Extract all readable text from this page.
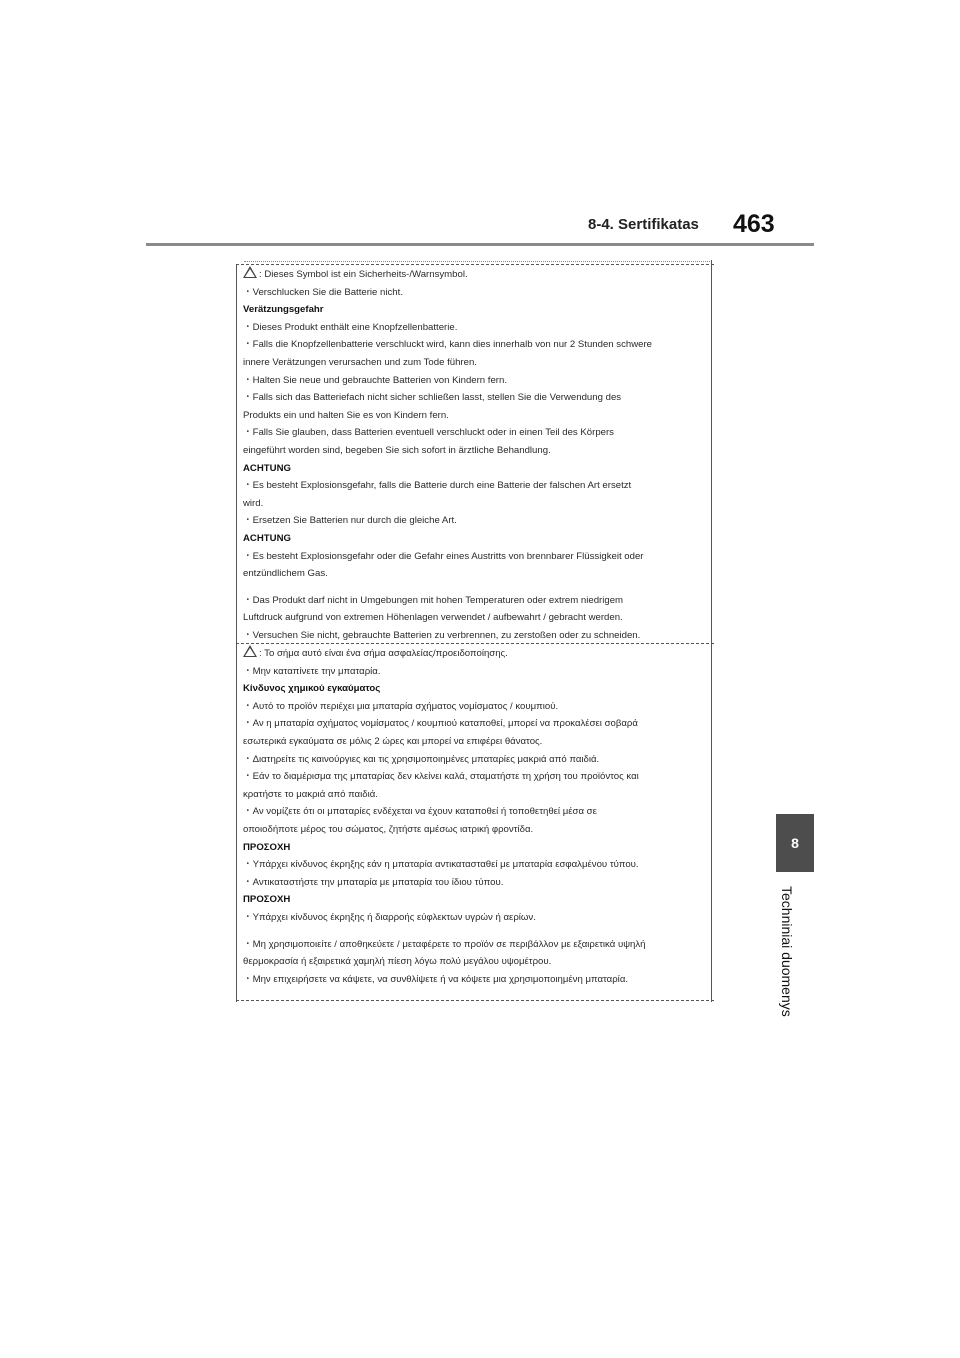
8-4. Sertifikatas 463
8
Techniniai duomenys
: Dieses Symbol ist ein Sicherheits-/Warnsymbol.
・Verschlucken Sie die Batterie nicht.
Verätzungsgefahr
・Dieses Produkt enthält eine Knopfzellenbatterie.
・Falls die Knopfzellenbatterie verschluckt wird, kann dies innerhalb von nur 2 Stunden schwere
innere Verätzungen verursachen und zum Tode führen.
・Halten Sie neue und gebrauchte Batterien von Kindern fern.
・Falls sich das Batteriefach nicht sicher schließen lasst, stellen Sie die Verwendung des
Produkts ein und halten Sie es von Kindern fern.
・Falls Sie glauben, dass Batterien eventuell verschluckt oder in einen Teil des Körpers
eingeführt worden sind, begeben Sie sich sofort in ärztliche Behandlung.
ACHTUNG
・Es besteht Explosionsgefahr, falls die Batterie durch eine Batterie der falschen Art ersetzt
wird.
・Ersetzen Sie Batterien nur durch die gleiche Art.
ACHTUNG
・Es besteht Explosionsgefahr oder die Gefahr eines Austritts von brennbarer Flüssigkeit oder
entzündlichem Gas.
・Das Produkt darf nicht in Umgebungen mit hohen Temperaturen oder extrem niedrigem
Luftdruck aufgrund von extremen Höhenlagen verwendet / aufbewahrt / gebracht werden.
・Versuchen Sie nicht, gebrauchte Batterien zu verbrennen, zu zerstoßen oder zu schneiden.
: Το σήμα αυτό είναι ένα σήμα ασφαλείας/προειδοποίησης.
・Μην καταπίνετε την μπαταρία.
Κίνδυνος χημικού εγκαύματος
・Αυτό το προϊόν περιέχει μια μπαταρία σχήματος νομίσματος / κουμπιού.
・Αν η μπαταρία σχήματος νομίσματος / κουμπιού καταποθεί, μπορεί να προκαλέσει σοβαρά
εσωτερικά εγκαύματα σε μόλις 2 ώρες και μπορεί να επιφέρει θάνατος.
・Διατηρείτε τις καινούργιες και τις χρησιμοποιημένες μπαταρίες μακριά από παιδιά.
・Εάν το διαμέρισμα της μπαταρίας δεν κλείνει καλά, σταματήστε τη χρήση του προϊόντος και
κρατήστε το μακριά από παιδιά.
・Αν νομίζετε ότι οι μπαταρίες ενδέχεται να έχουν καταποθεί ή τοποθετηθεί μέσα σε
οποιοδήποτε μέρος του σώματος, ζητήστε αμέσως ιατρική φροντίδα.
ΠΡΟΣΟΧΗ
・Υπάρχει κίνδυνος έκρηξης εάν η μπαταρία αντικατασταθεί με μπαταρία εσφαλμένου τύπου.
・Αντικαταστήστε την μπαταρία με μπαταρία του ίδιου τύπου.
ΠΡΟΣΟΧΗ
・Υπάρχει κίνδυνος έκρηξης ή διαρροής εύφλεκτων υγρών ή αερίων.
・Μη χρησιμοποιείτε / αποθηκεύετε / μεταφέρετε το προϊόν σε περιβάλλον με εξαιρετικά υψηλή
θερμοκρασία ή εξαιρετικά χαμηλή πίεση λόγω πολύ μεγάλου υψομέτρου.
・Μην επιχειρήσετε να κάψετε, να συνθλίψετε ή να κόψετε μια χρησιμοποιημένη μπαταρία.
